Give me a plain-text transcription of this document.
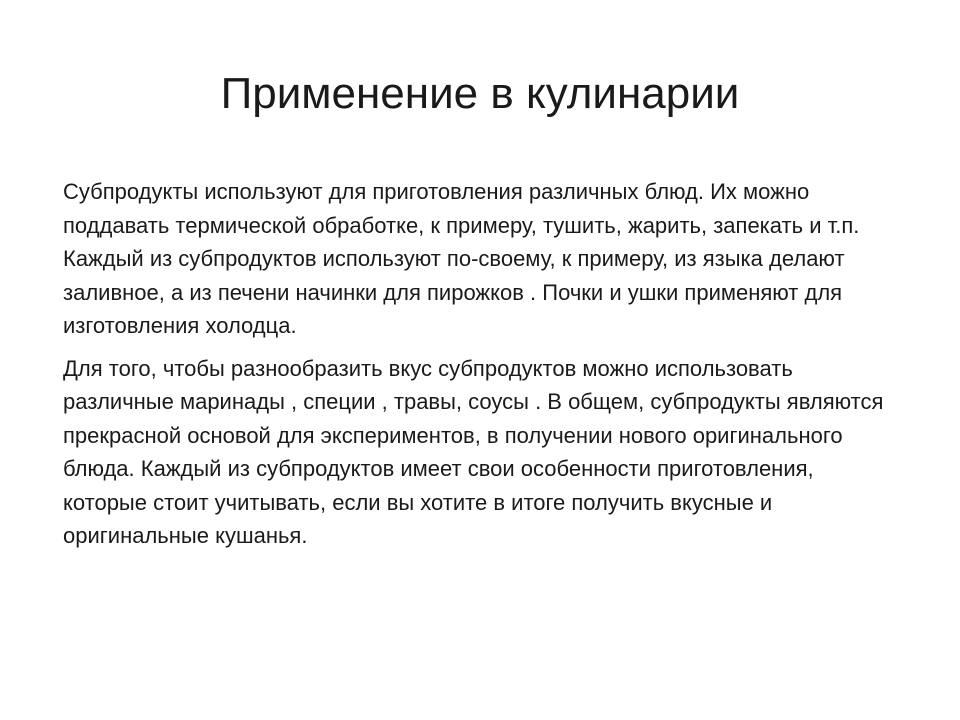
Применение в кулинарии

Субпродукты используют для приготовления различных блюд. Их можно поддавать термической обработке, к примеру, тушить, жарить, запекать и т.п. Каждый из субпродуктов используют по-своему, к примеру, из языка делают заливное, а из печени начинки для пирожков . Почки и ушки применяют для изготовления холодца.

Для того, чтобы разнообразить вкус субпродуктов можно использовать различные маринады , специи , травы, соусы . В общем, субпродукты являются прекрасной основой для экспериментов, в получении нового оригинального блюда. Каждый из субпродуктов имеет свои особенности приготовления, которые стоит учитывать, если вы хотите в итоге получить вкусные и оригинальные кушанья.
